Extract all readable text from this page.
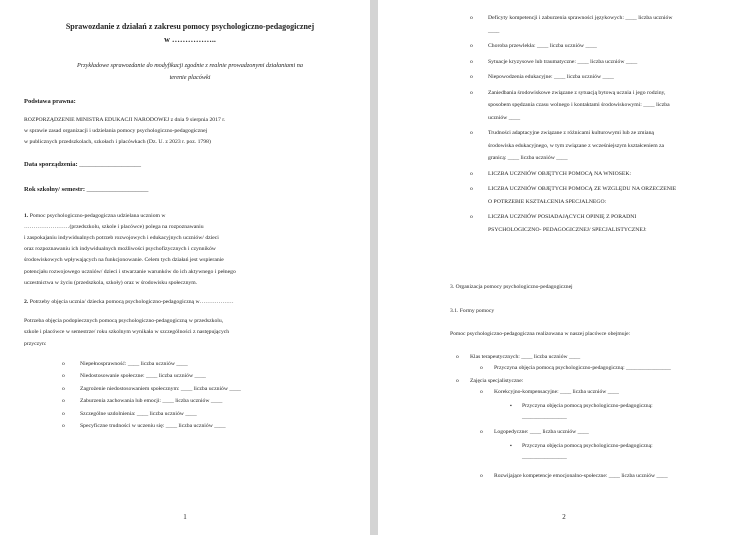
Sprawozdanie z działań z zakresu pomocy psychologiczno-pedagogicznej
w ……………..
Przykładowe sprawozdanie do modyfikacji zgodnie z realnie prowadzonymi działaniami na
terenie placówki
Podstawa prawna:
ROZPORZĄDZENIE MINISTRA EDUKACJI NARODOWEJ z dnia 9 sierpnia 2017 r.
w sprawie zasad organizacji i udzielania pomocy psychologiczno-pedagogicznej
w publicznych przedszkolach, szkołach i placówkach (Dz. U. z 2023 r. poz. 1798)
Data sporządzenia: ___________________
Rok szkolny/ semestr: ___________________
1. Pomoc psychologiczno-pedagogiczna udzielana uczniom w
……………………(przedszkolu, szkole i placówce) polega na rozpoznawaniu
i zaspokajaniu indywidualnych potrzeb rozwojowych i edukacyjnych uczniów/ dzieci
oraz rozpoznawaniu ich indywidualnych możliwości psychofizycznych i czynników
środowiskowych wpływających na funkcjonowanie. Celem tych działań jest wspieranie
potencjału rozwojowego uczniów/ dzieci i stwarzanie warunków do ich aktywnego i pełnego
uczestnictwa w życiu (przedszkola, szkoły) oraz w środowisku społecznym.
2. Potrzeby objęcia ucznia/ dziecka pomocą psychologiczno-pedagogiczną w………………
Potrzeba objęcia podopiecznych pomocą psychologiczno-pedagogiczną w przedszkolu,
szkole i placówce w semestrze/ roku szkolnym wynikała w szczególności z następujących
przyczyn:
o Niepełnosprawność: ____ liczba uczniów ____
o Niedostosowanie społeczne: ____ liczba uczniów ____
o Zagrożenie niedostosowaniem społecznym: ____ liczba uczniów ____
o Zaburzenia zachowania lub emocji: ____ liczba uczniów ____
o Szczególne uzdolnienia: ____ liczba uczniów ____
o Specyficzne trudności w uczeniu się: ____ liczba uczniów ____
1
o Deficyty kompetencji i zaburzenia sprawności językowych: ____ liczba uczniów
____
o Choroba przewlekła: ____ liczba uczniów ____
o Sytuacje kryzysowe lub traumatyczne: ____ liczba uczniów ____
o Niepowodzenia edukacyjne: ____ liczba uczniów ____
o Zaniedbania środowiskowe związane z sytuacją bytową ucznia i jego rodziny,
sposobem spędzania czasu wolnego i kontaktami środowiskowymi: ____ liczba
uczniów ____
o Trudności adaptacyjne związane z różnicami kulturowymi lub ze zmianą
środowiska edukacyjnego, w tym związane z wcześniejszym kształceniem za
granicą: ____ liczba uczniów ____
o LICZBA UCZNIÓW OBJĘTYCH POMOCĄ NA WNIOSEK:
o LICZBA UCZNIÓW OBJĘTYCH POMOCĄ ZE WZGLĘDU NA ORZECZENIE
O POTRZEBIE KSZTAŁCENIA SPECJALNEGO:
o LICZBA UCZNIÓW POSIADAJĄCYCH OPINIĘ Z PORADNI
PSYCHOLOGICZNO- PEDAGOGICZNEJ/ SPECJALISTYCZNEJ:
3. Organizacja pomocy psychologiczno-pedagogicznej
3.1. Formy pomocy
Pomoc psychologiczno-pedagogiczna realizowana w naszej placówce obejmuje:
o Klas terapeutycznych: ____ liczba uczniów ____
o Przyczyna objęcia pomocą psychologiczno-pedagogiczną: ________________
o Zajęcia specjalistyczne:
o Korekcyjno-kompensacyjne: ____ liczba uczniów ____
▪ Przyczyna objęcia pomocą psychologiczno-pedagogiczną:
________________
o Logopedyczne: ____ liczba uczniów ____
▪ Przyczyna objęcia pomocą psychologiczno-pedagogiczną:
________________
o Rozwijające kompetencje emocjonalno-społeczne: ____ liczba uczniów ____
2
